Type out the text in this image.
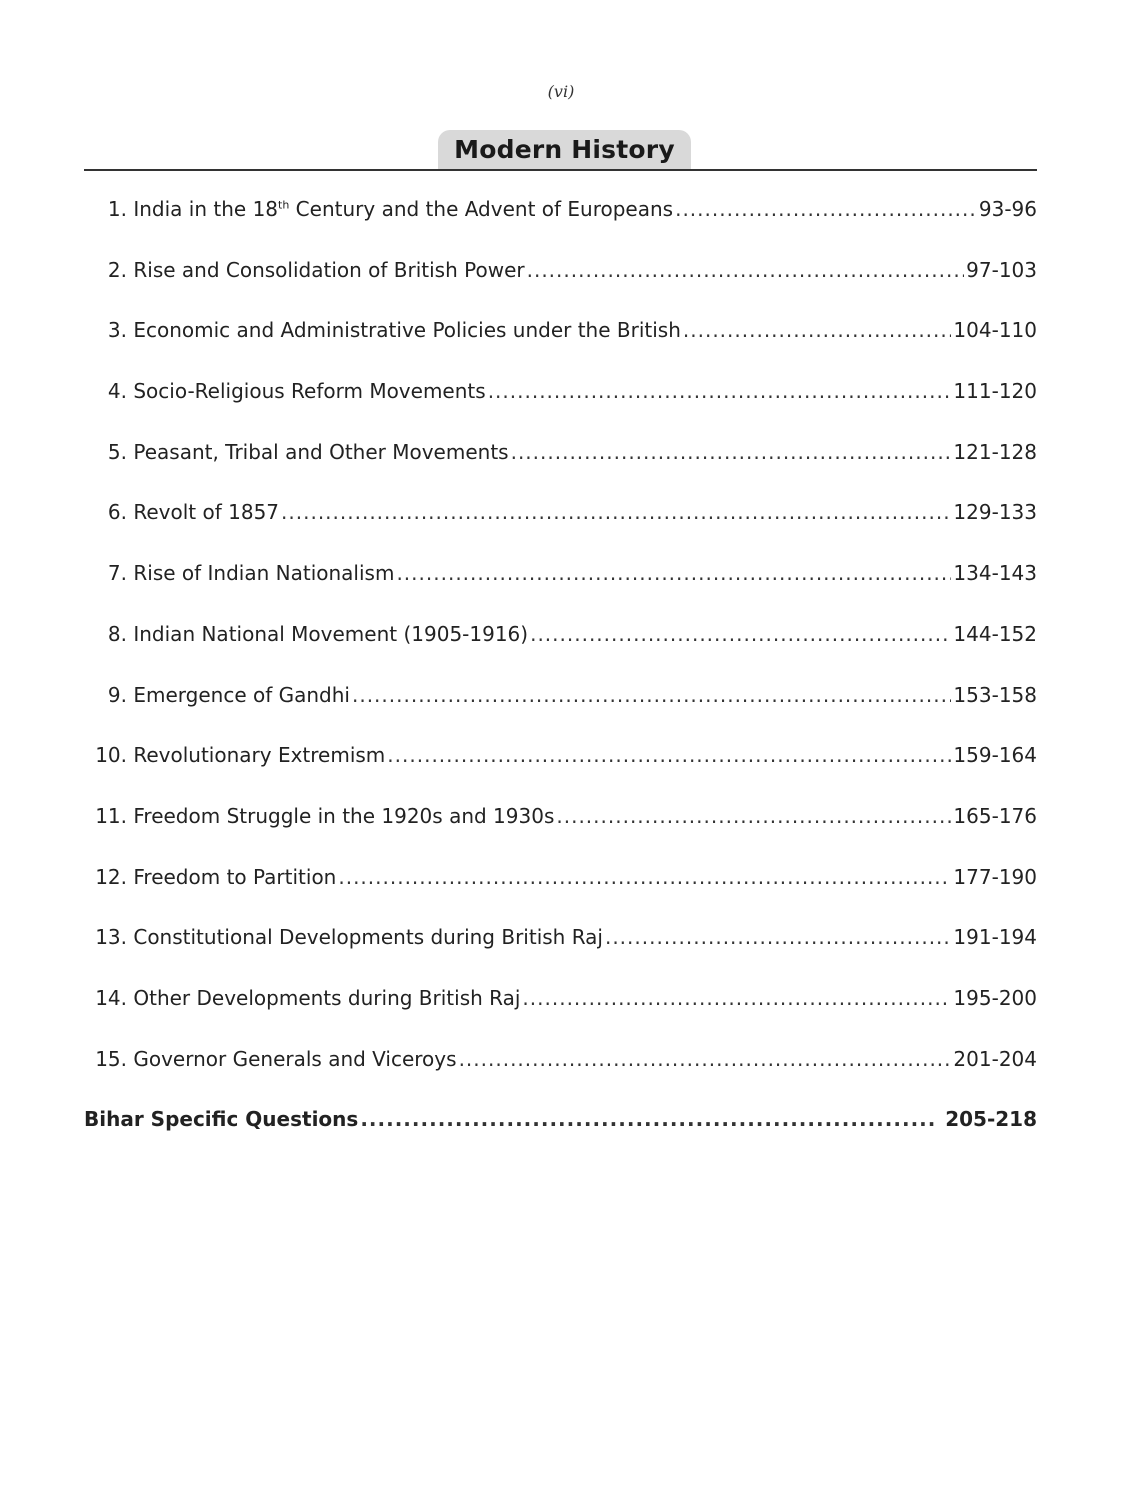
(vi)
Modern History
1. India in the 18th Century and the Advent of Europeans .....	93-96
2. Rise and Consolidation of British Power .....	97-103
3. Economic and Administrative Policies under the British .....	104-110
4. Socio-Religious Reform Movements .....	111-120
5. Peasant, Tribal and Other Movements .....	121-128
6. Revolt of 1857 .....	129-133
7. Rise of Indian Nationalism .....	134-143
8. Indian National Movement (1905-1916) .....	144-152
9. Emergence of Gandhi .....	153-158
10. Revolutionary Extremism .....	159-164
11. Freedom Struggle in the 1920s and 1930s .....	165-176
12. Freedom to Partition .....	177-190
13. Constitutional Developments during British Raj .....	191-194
14. Other Developments during British Raj .....	195-200
15. Governor Generals and Viceroys .....	201-204
Bihar Specific Questions .....	205-218
